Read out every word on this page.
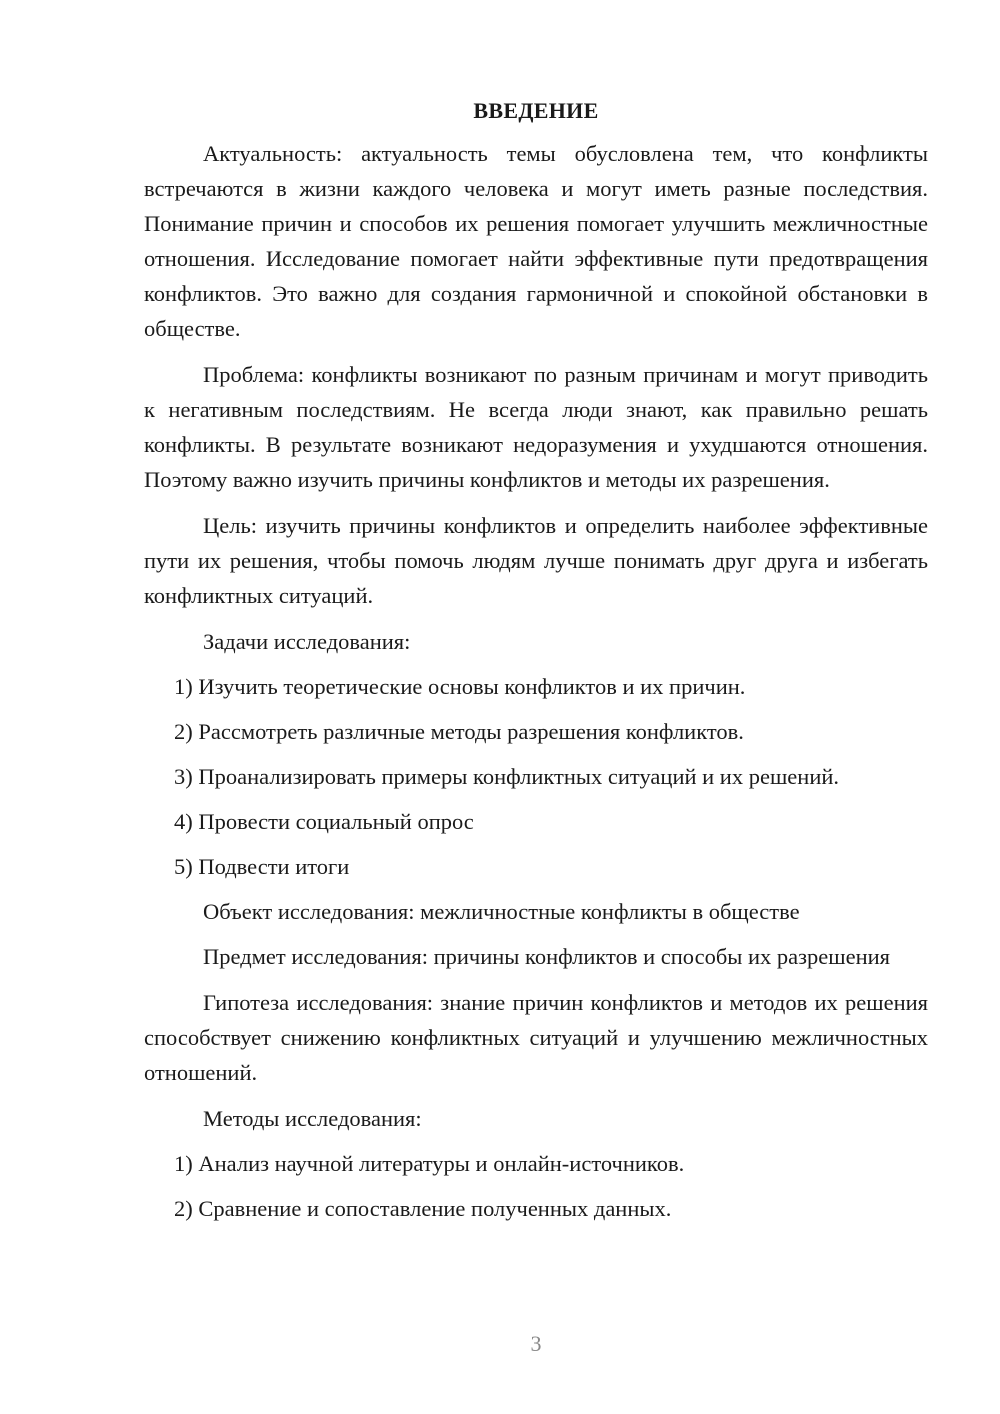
ВВЕДЕНИЕ

Актуальность: актуальность темы обусловлена тем, что конфликты встречаются в жизни каждого человека и могут иметь разные последствия. Понимание причин и способов их решения помогает улучшить межличностные отношения. Исследование помогает найти эффективные пути предотвращения конфликтов. Это важно для создания гармоничной и спокойной обстановки в обществе.

Проблема: конфликты возникают по разным причинам и могут приводить к негативным последствиям. Не всегда люди знают, как правильно решать конфликты. В результате возникают недоразумения и ухудшаются отношения. Поэтому важно изучить причины конфликтов и методы их разрешения.

Цель: изучить причины конфликтов и определить наиболее эффективные пути их решения, чтобы помочь людям лучше понимать друг друга и избегать конфликтных ситуаций.

Задачи исследования:
1) Изучить теоретические основы конфликтов и их причин.
2) Рассмотреть различные методы разрешения конфликтов.
3) Проанализировать примеры конфликтных ситуаций и их решений.
4) Провести социальный опрос
5) Подвести итоги
Объект исследования: межличностные конфликты в обществе

Предмет исследования: причины конфликтов и способы их разрешения

Гипотеза исследования: знание причин конфликтов и методов их решения способствует снижению конфликтных ситуаций и улучшению межличностных отношений.

Методы исследования:
1) Анализ научной литературы и онлайн-источников.
2) Сравнение и сопоставление полученных данных.
3
